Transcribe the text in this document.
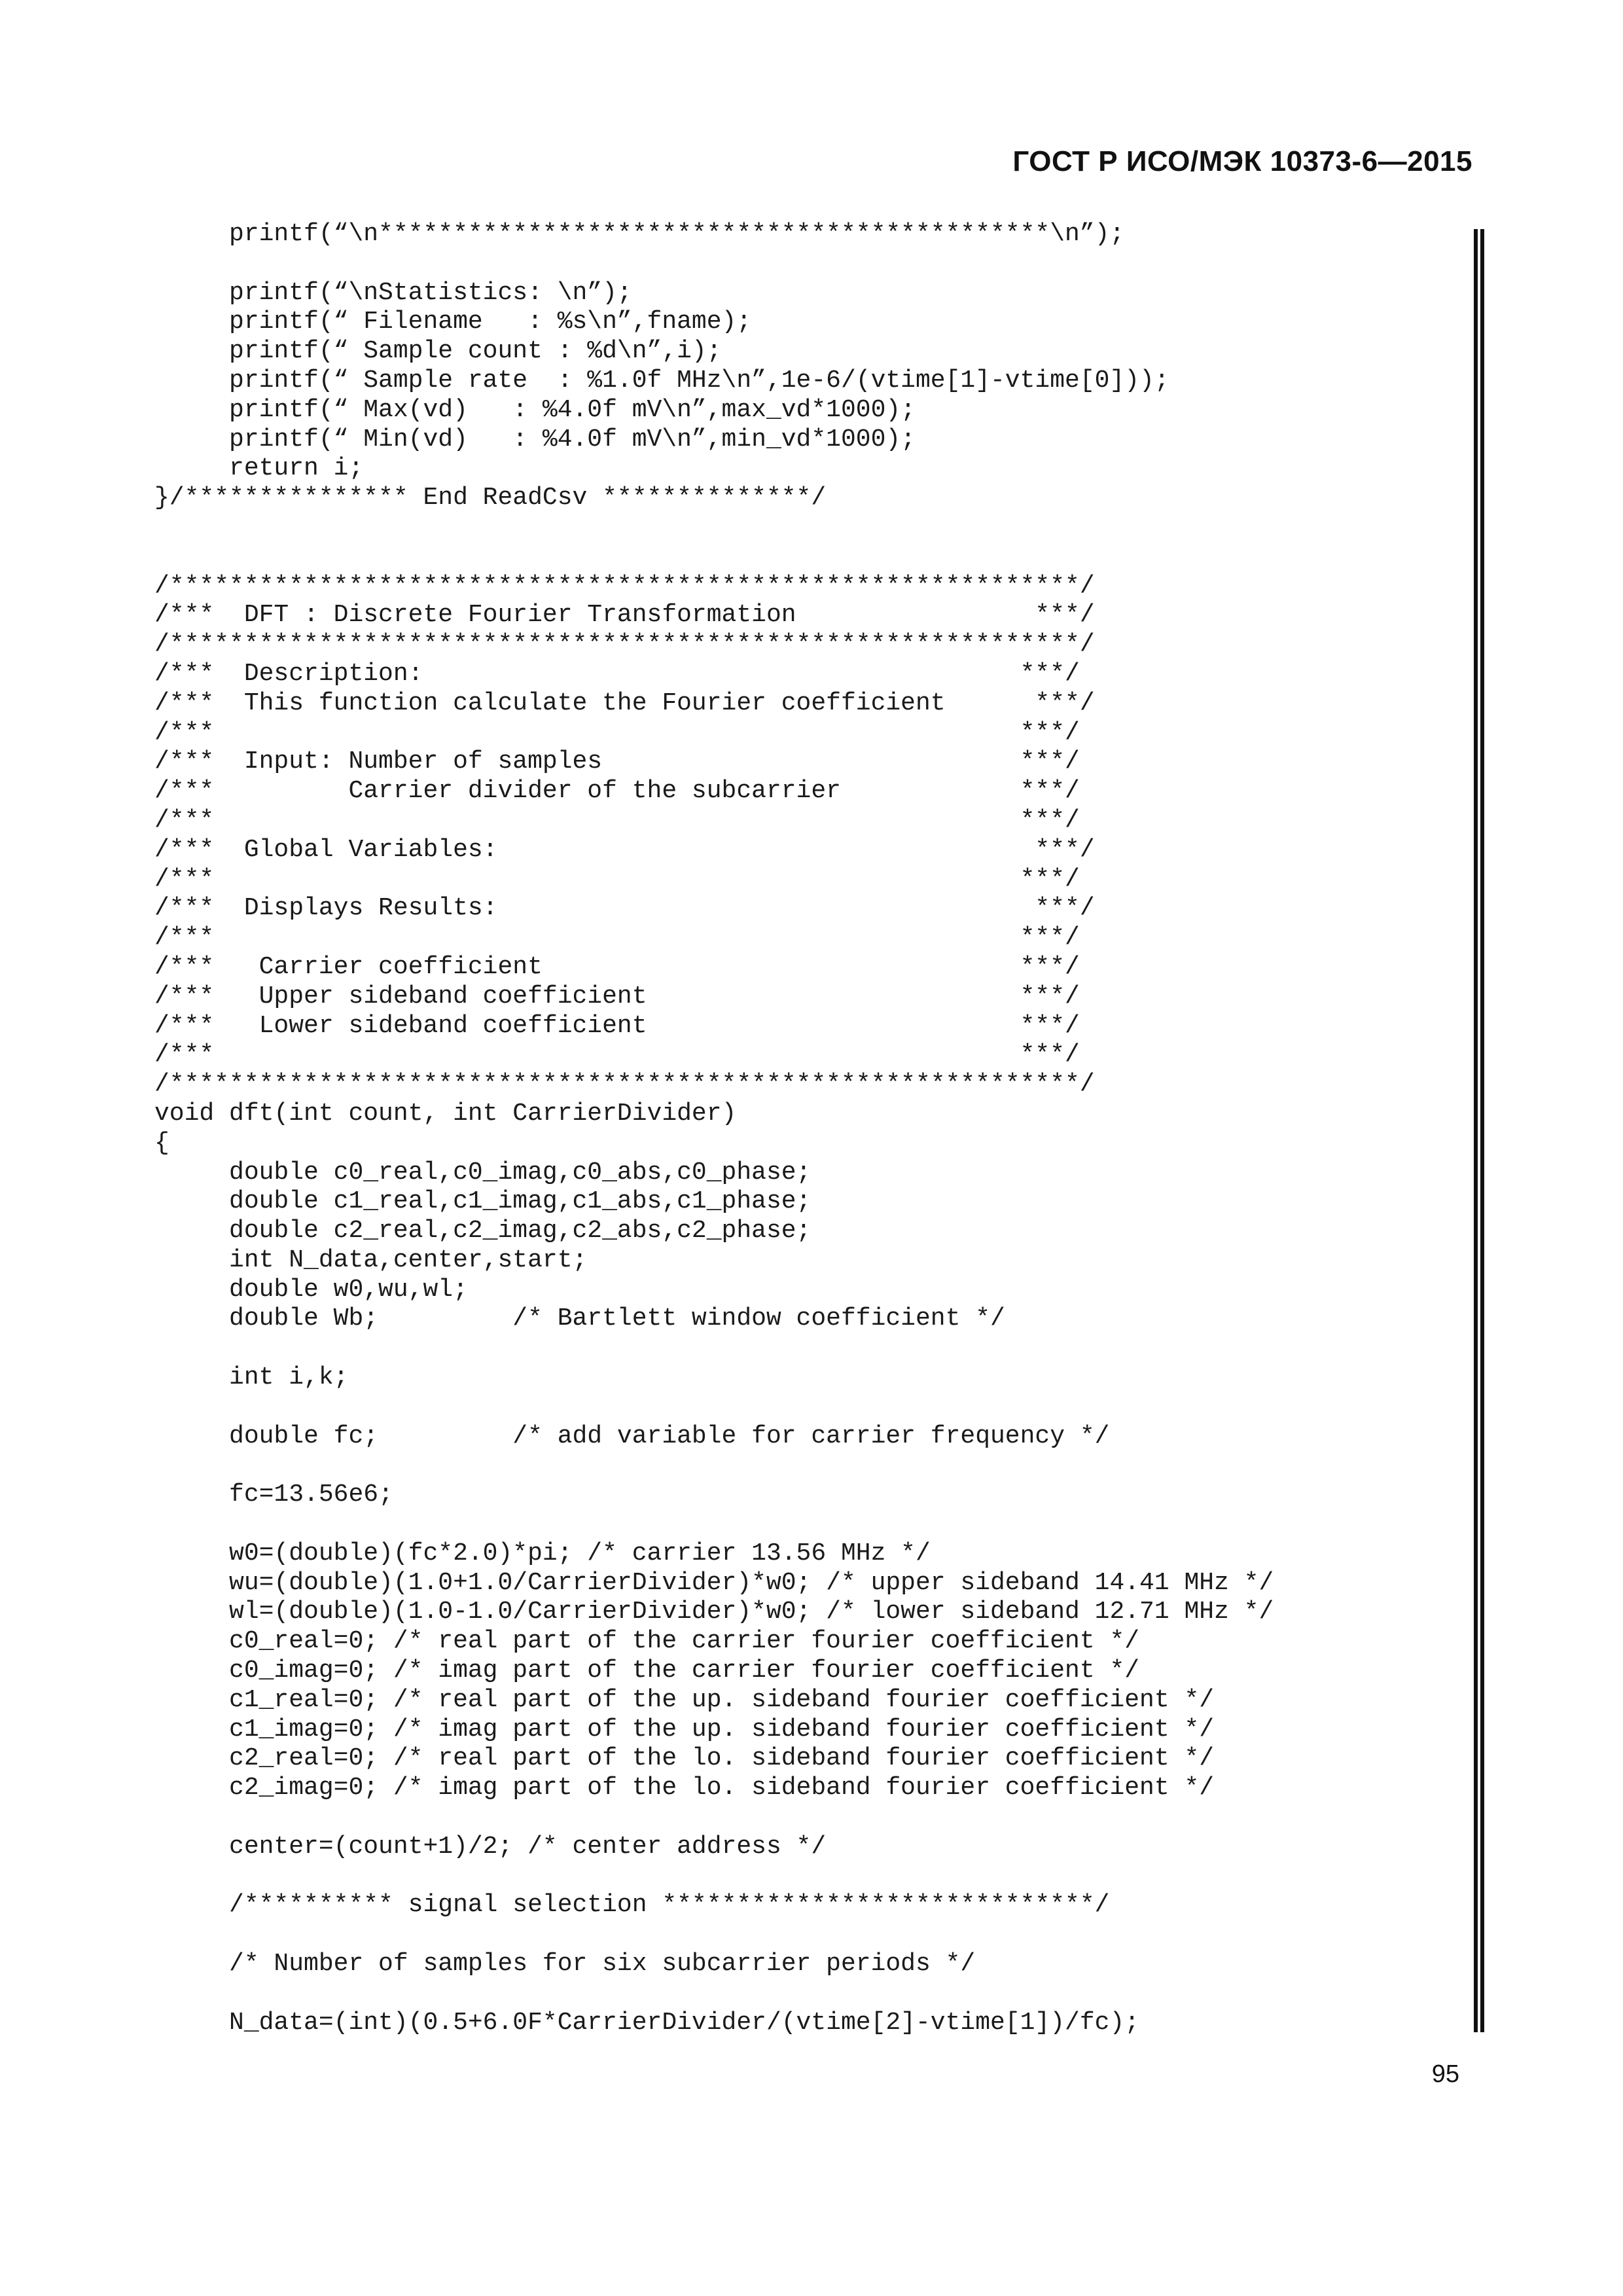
ГОСТ Р ИСО/МЭК 10373-6—2015
printf(“\n*********************************************\n”);
printf(“\nStatistics: \n”);
printf(“ Filename   : %s\n”,fname);
printf(“ Sample count : %d\n”,i);
printf(“ Sample rate  : %1.0f MHz\n”,1e-6/(vtime[1]-vtime[0]));
printf(“ Max(vd)   : %4.0f mV\n”,max_vd*1000);
printf(“ Min(vd)   : %4.0f mV\n”,min_vd*1000);
return i;
}/*************** End ReadCsv **************/
/*************************************************************/
/***  DFT : Discrete Fourier Transformation                ***/
/*************************************************************/
/***  Description:                                        ***/
/***  This function calculate the Fourier coefficient      ***/
/***                                                      ***/
/***  Input: Number of samples                            ***/
/***         Carrier divider of the subcarrier            ***/
/***                                                      ***/
/***  Global Variables:                                    ***/
/***                                                      ***/
/***  Displays Results:                                    ***/
/***                                                      ***/
/***   Carrier coefficient                                ***/
/***   Upper sideband coefficient                         ***/
/***   Lower sideband coefficient                         ***/
/***                                                      ***/
/*************************************************************/
void dft(int count, int CarrierDivider)
{
double c0_real,c0_imag,c0_abs,c0_phase;
double c1_real,c1_imag,c1_abs,c1_phase;
double c2_real,c2_imag,c2_abs,c2_phase;
int N_data,center,start;
double w0,wu,wl;
double Wb;         /* Bartlett window coefficient */
int i,k;
double fc;         /* add variable for carrier frequency */
fc=13.56e6;
w0=(double)(fc*2.0)*pi; /* carrier 13.56 MHz */
wu=(double)(1.0+1.0/CarrierDivider)*w0; /* upper sideband 14.41 MHz */
wl=(double)(1.0-1.0/CarrierDivider)*w0; /* lower sideband 12.71 MHz */
c0_real=0; /* real part of the carrier fourier coefficient */
c0_imag=0; /* imag part of the carrier fourier coefficient */
c1_real=0; /* real part of the up. sideband fourier coefficient */
c1_imag=0; /* imag part of the up. sideband fourier coefficient */
c2_real=0; /* real part of the lo. sideband fourier coefficient */
c2_imag=0; /* imag part of the lo. sideband fourier coefficient */
center=(count+1)/2; /* center address */
/********** signal selection *****************************/
/* Number of samples for six subcarrier periods */
N_data=(int)(0.5+6.0F*CarrierDivider/(vtime[2]-vtime[1])/fc);
95
